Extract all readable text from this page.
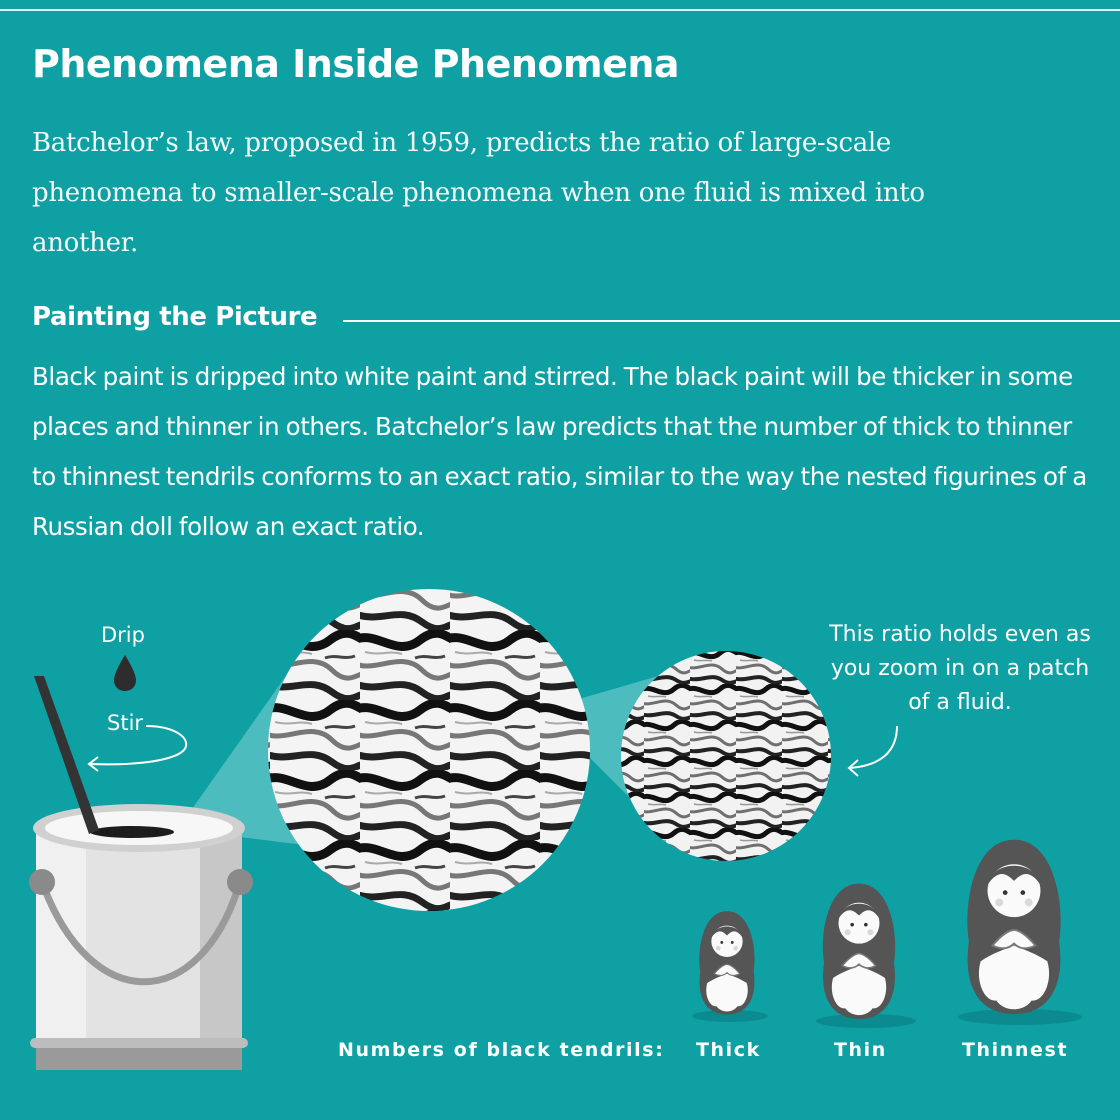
Phenomena Inside Phenomena

Batchelor’s law, proposed in 1959, predicts the ratio of large-scale phenomena to smaller-scale phenomena when one fluid is mixed into another.

Painting the Picture

Black paint is dripped into white paint and stirred. The black paint will be thicker in some places and thinner in others. Batchelor’s law predicts that the number of thick to thinner to thinnest tendrils conforms to an exact ratio, similar to the way the nested figurines of a Russian doll follow an exact ratio.

Drip
Stir
This ratio holds even as you zoom in on a patch of a fluid.
Numbers of black tendrils: Thick	Thin	Thinnest
